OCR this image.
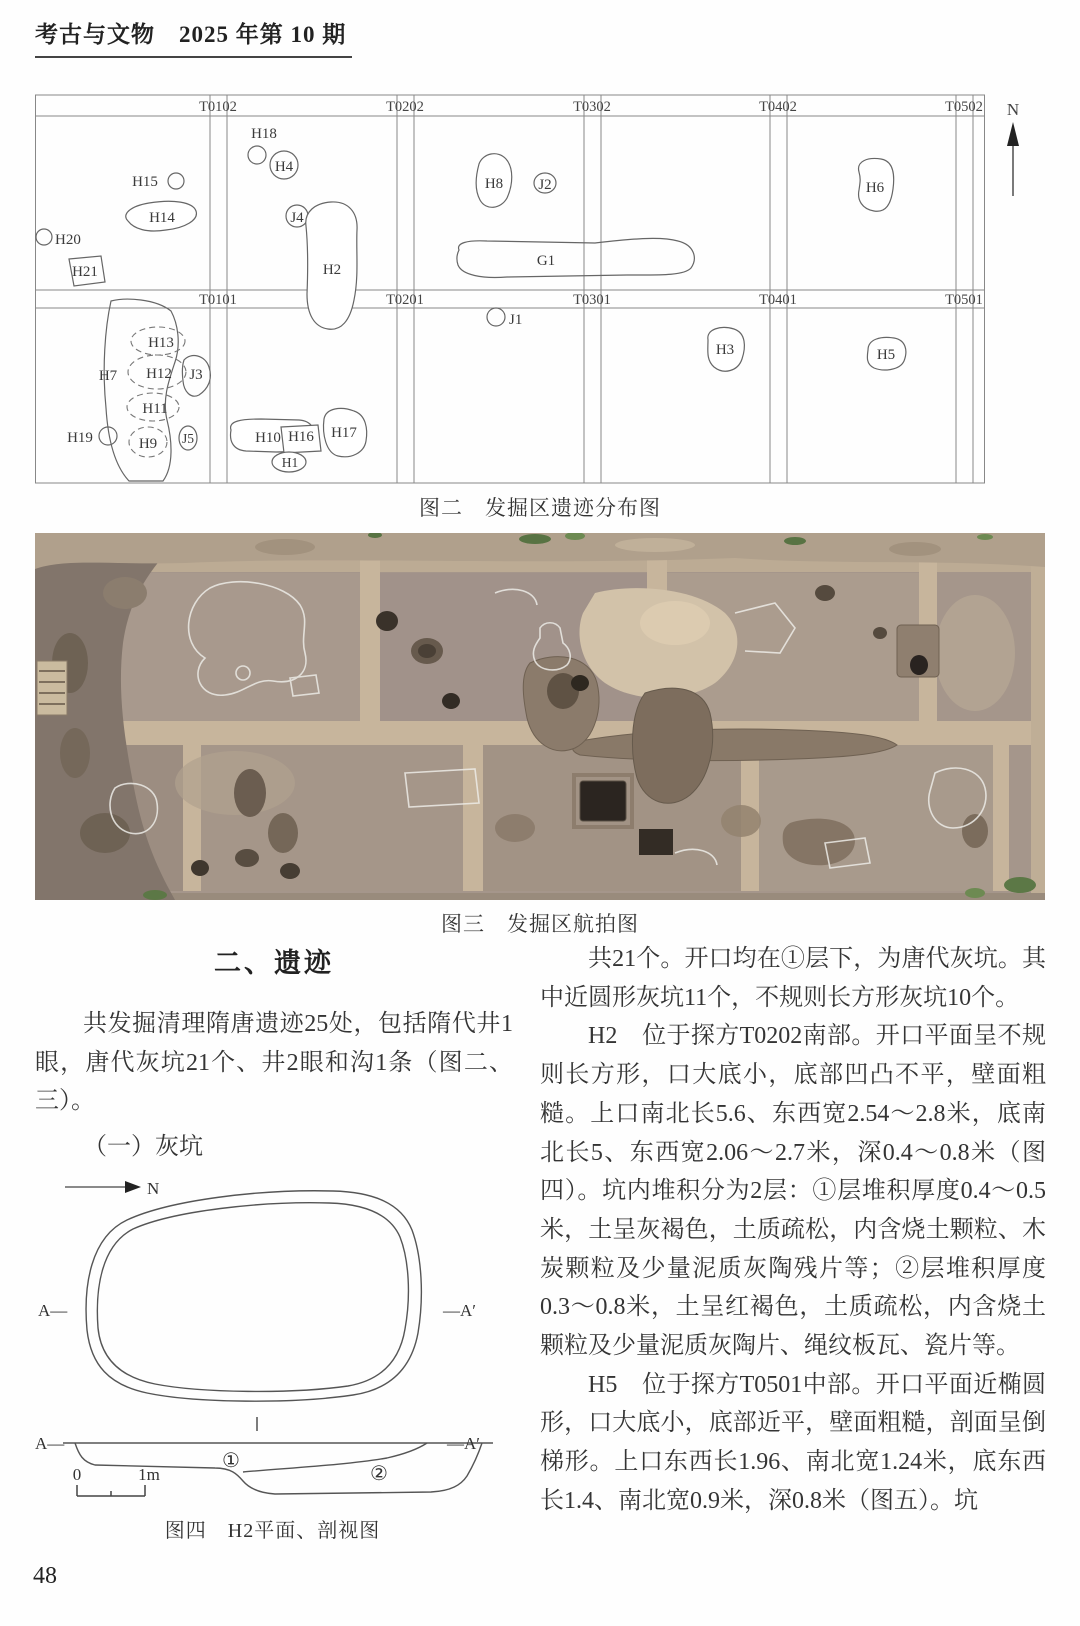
考古与文物　2025 年第 10 期
T0102	T0202	T0302	T0402	T0502
T0101	T0201	T0301	T0401	T0501
N
H15
H18
H4
H14
H20
H21
J4
H2
H8 J2
G1
H6
J1
H3	H5
H7
H13
H12 J3
H11
H19	H9 J5	H10 H16
H1
H17
图二　发掘区遗迹分布图
图三　发掘区航拍图
二、遗迹

共发掘清理隋唐遗迹25处，包括隋代井1眼，唐代灰坑21个、井2眼和沟1条（图二、三）。

（一）灰坑
N
A—	—A′
A—	—A′
①
②
0	1m
图四　H2平面、剖视图

共21个。开口均在①层下，为唐代灰坑。其中近圆形灰坑11个，不规则长方形灰坑10个。

H2　位于探方T0202南部。开口平面呈不规则长方形，口大底小，底部凹凸不平，壁面粗糙。上口南北长5.6、东西宽2.54～2.8米，底南北长5、东西宽2.06～2.7米，深0.4～0.8米（图四）。坑内堆积分为2层：①层堆积厚度0.4～0.5米，土呈灰褐色，土质疏松，内含烧土颗粒、木炭颗粒及少量泥质灰陶残片等；②层堆积厚度0.3～0.8米，土呈红褐色，土质疏松，内含烧土颗粒及少量泥质灰陶片、绳纹板瓦、瓷片等。

H5　位于探方T0501中部。开口平面近椭圆形，口大底小，底部近平，壁面粗糙，剖面呈倒梯形。上口东西长1.96、南北宽1.24米，底东西长1.4、南北宽0.9米，深0.8米（图五）。坑

48
